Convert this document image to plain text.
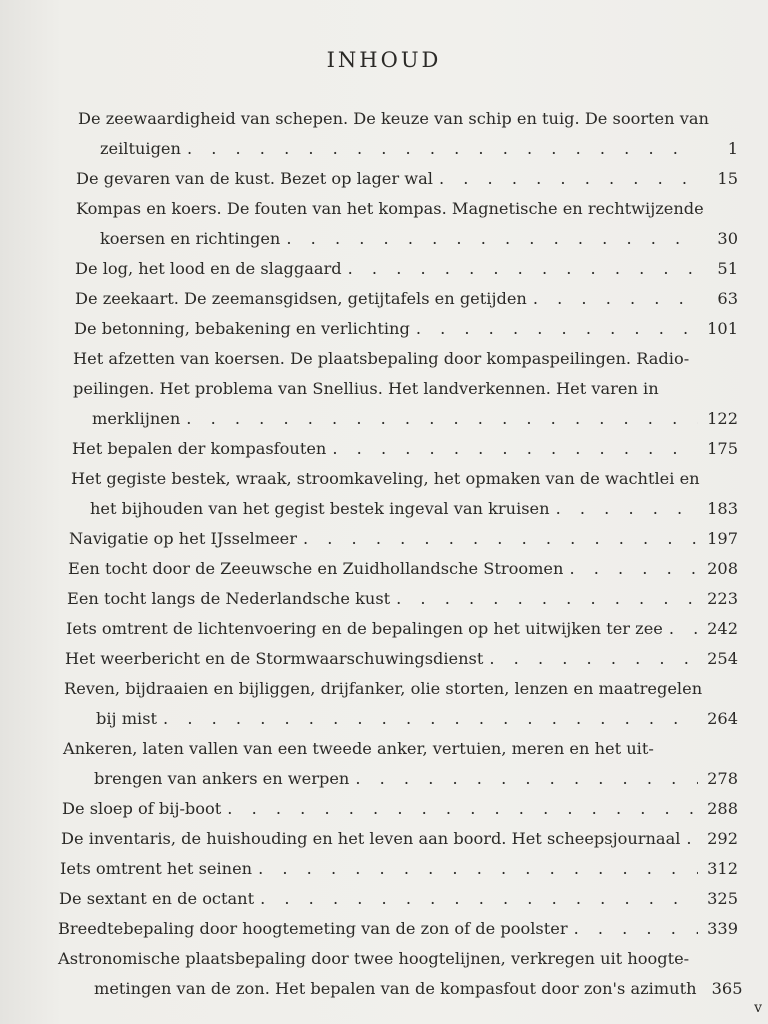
INHOUD
De zeewaardigheid van schepen. De keuze van schip en tuig. De soorten van
zeiltuigen . . .	1
De gevaren van de kust. Bezet op lager wal . . .	15
Kompas en koers. De fouten van het kompas. Magnetische en rechtwijzende
koersen en richtingen . . .	30
De log, het lood en de slaggaard . . .	51
De zeekaart. De zeemansgidsen, getijtafels en getijden . . .	63
De betonning, bebakening en verlichting . . .	101
Het afzetten van koersen. De plaatsbepaling door kompaspeilingen. Radio-
peilingen. Het problema van Snellius. Het landverkennen. Het varen in
merklijnen . . .	122
Het bepalen der kompasfouten . . .	175
Het gegiste bestek, wraak, stroomkaveling, het opmaken van de wachtlei en
het bijhouden van het gegist bestek ingeval van kruisen . . .	183
Navigatie op het IJsselmeer . . .	197
Een tocht door de Zeeuwsche en Zuidhollandsche Stroomen . . .	208
Een tocht langs de Nederlandsche kust . . .	223
Iets omtrent de lichtenvoering en de bepalingen op het uitwijken ter zee . . .	242
Het weerbericht en de Stormwaarschuwingsdienst . . .	254
Reven, bijdraaien en bijliggen, drijfanker, olie storten, lenzen en maatregelen
bij mist . . .	264
Ankeren, laten vallen van een tweede anker, vertuien, meren en het uit-
brengen van ankers en werpen . . .	278
De sloep of bij-boot . . .	288
De inventaris, de huishouding en het leven aan boord. Het scheepsjournaal . . . 292
Iets omtrent het seinen . . .	312
De sextant en de octant . . .	325
Breedtebepaling door hoogtemeting van de zon of de poolster . . .	339
Astronomische plaatsbepaling door twee hoogtelijnen, verkregen uit hoogte-
metingen van de zon. Het bepalen van de kompasfout door zon's azimuth 365
v
